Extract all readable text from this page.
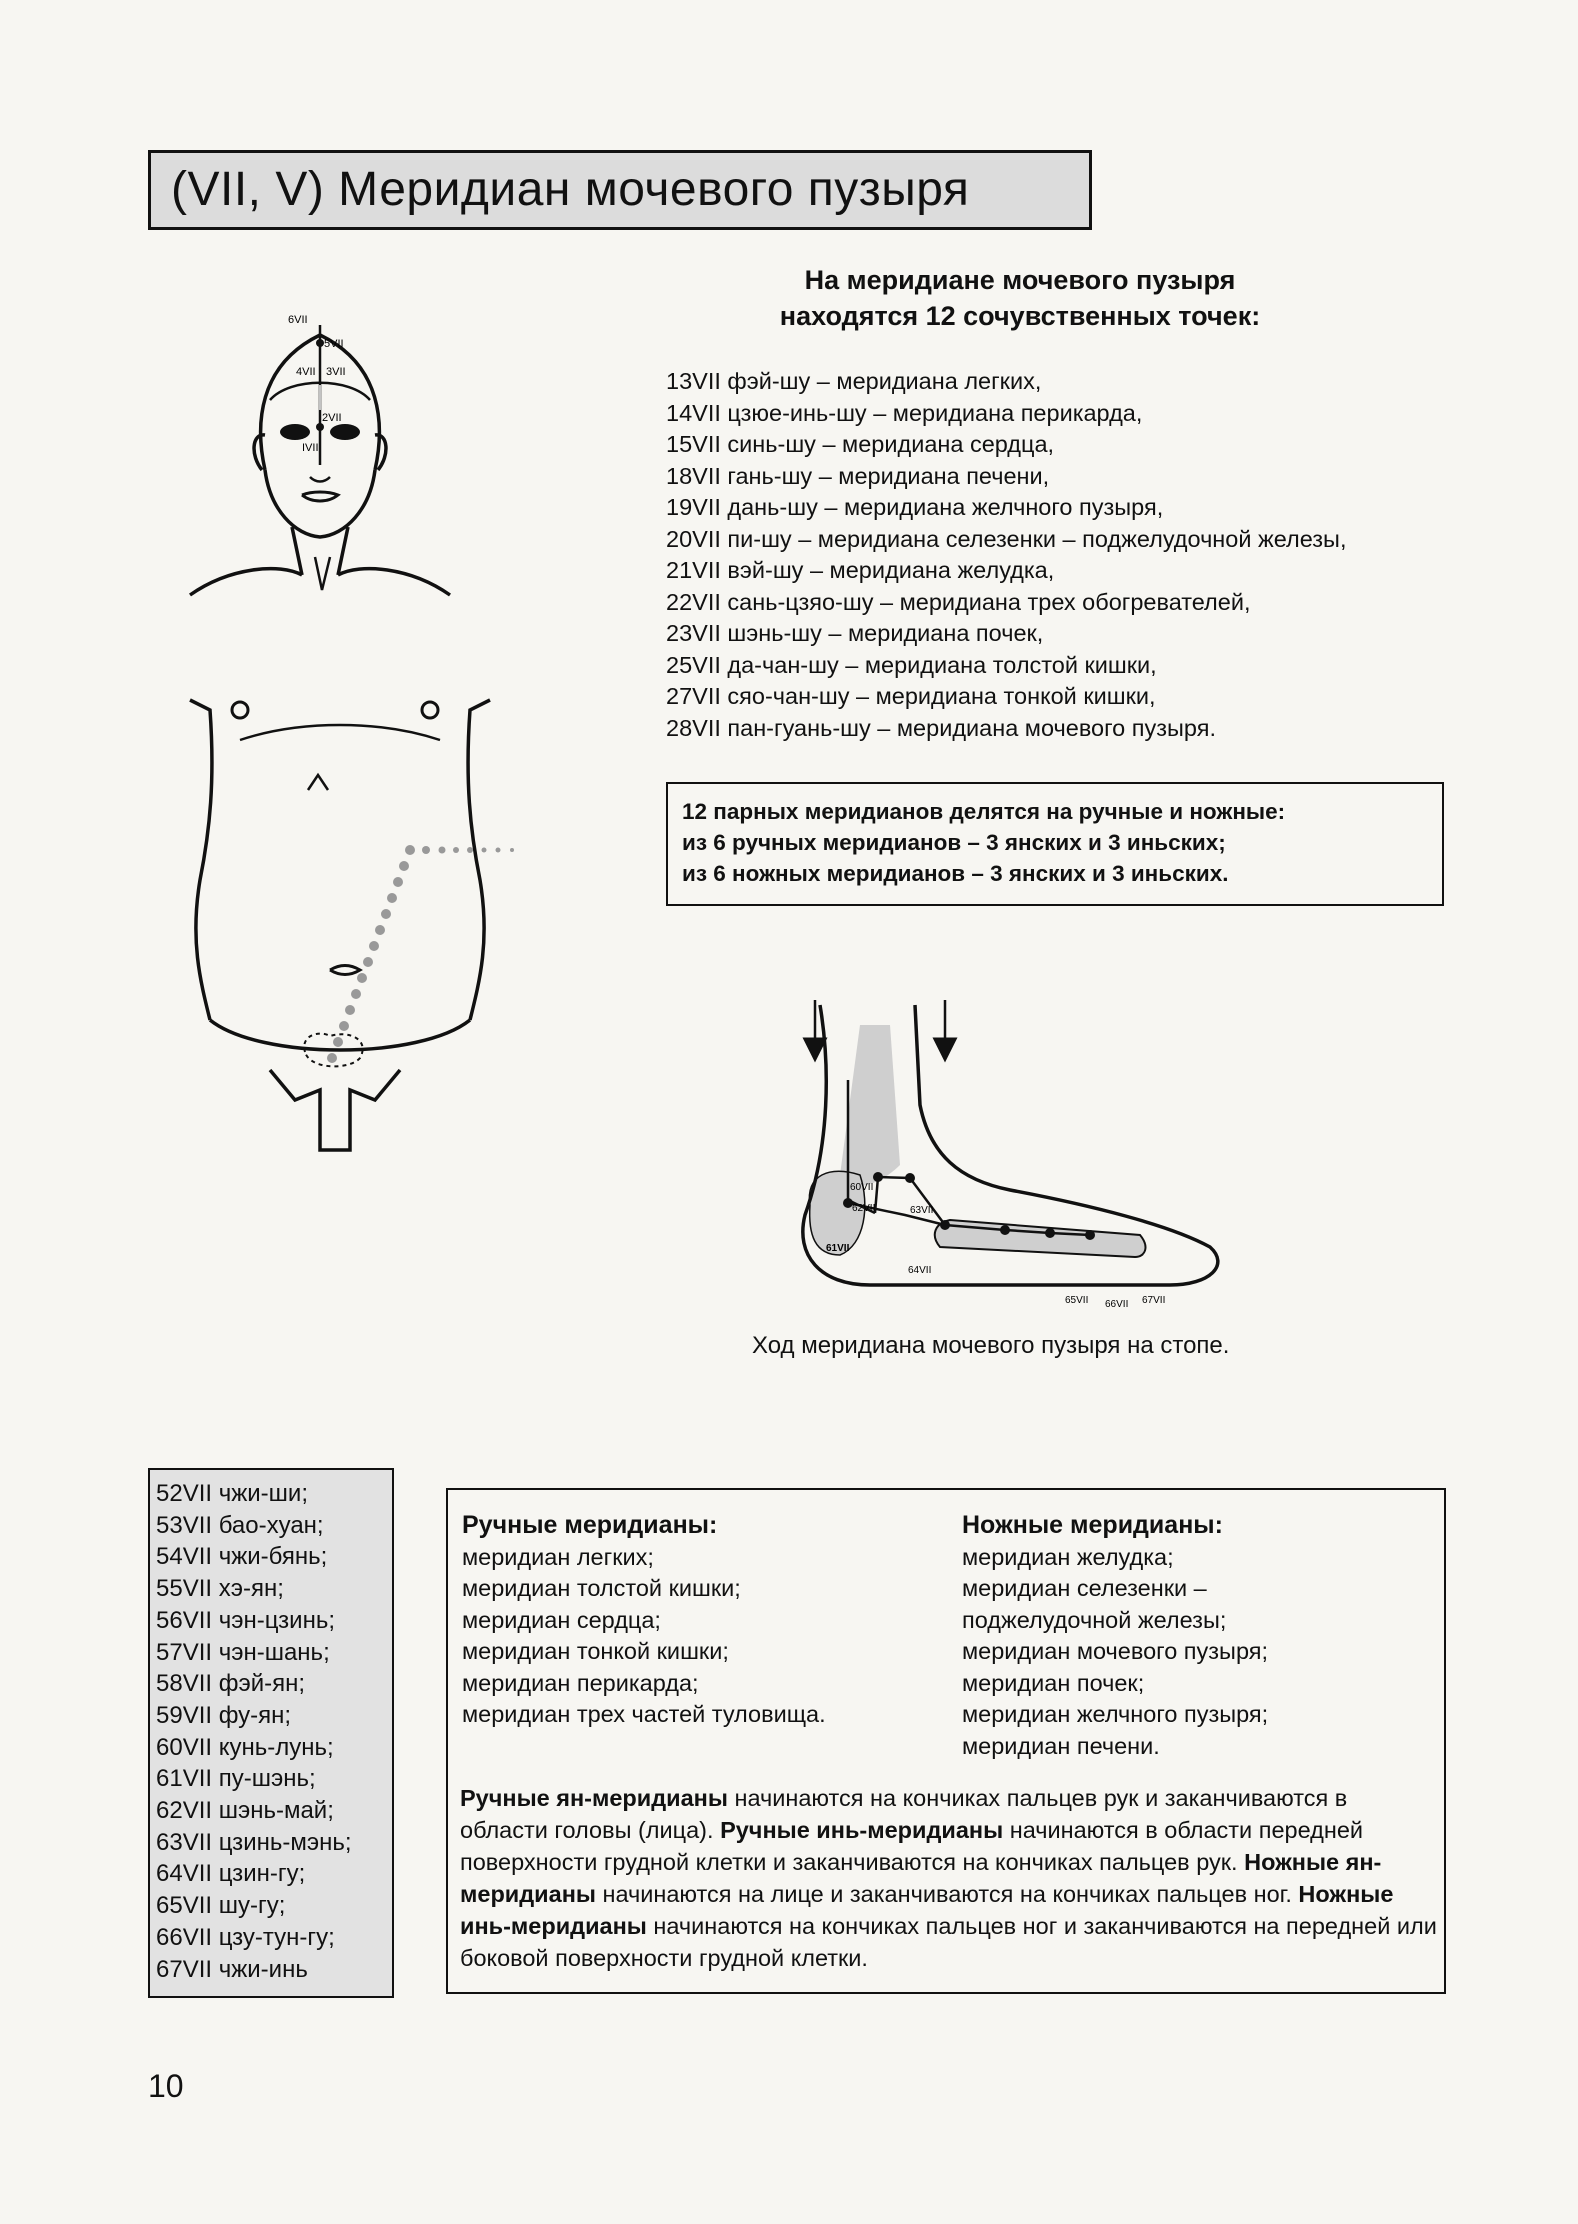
(VII, V) Меридиан мочевого пузыря
На меридиане мочевого пузыря
находятся 12 сочувственных точек:
13VII фэй-шу – меридиана легких,
14VII цзюе-инь-шу – меридиана перикарда,
15VII синь-шу – меридиана сердца,
18VII гань-шу – меридиана печени,
19VII дань-шу – меридиана желчного пузыря,
20VII пи-шу – меридиана селезенки – поджелудочной железы,
21VII вэй-шу – меридиана желудка,
22VII сань-цзяо-шу – меридиана трех обогревателей,
23VII шэнь-шу – меридиана почек,
25VII да-чан-шу – меридиана толстой кишки,
27VII сяо-чан-шу – меридиана тонкой кишки,
28VII пан-гуань-шу – меридиана мочевого пузыря.
12 парных меридианов делятся на ручные и ножные:
из 6 ручных меридианов – 3 янских и 3 иньских;
из 6 ножных меридианов – 3 янских и 3 иньских.
6VII
5VII
4VII 3VII
2VII
IVII
60VII
62VII	63VII
61VII
64VII
65VII 66VII 67VII
Ход меридиана мочевого пузыря на стопе.
52VII чжи-ши;
53VII бао-хуан;
54VII чжи-бянь;
55VII хэ-ян;
56VII чэн-цзинь;
57VII чэн-шань;
58VII фэй-ян;
59VII фу-ян;
60VII кунь-лунь;
61VII пу-шэнь;
62VII шэнь-май;
63VII цзинь-мэнь;
64VII цзин-гу;
65VII шу-гу;
66VII цзу-тун-гу;
67VII чжи-инь
Ручные меридианы:
меридиан легких;
меридиан толстой кишки;
меридиан сердца;
меридиан тонкой кишки;
меридиан перикарда;
меридиан трех частей туловища.
Ножные меридианы:
меридиан желудка;
меридиан селезенки –
поджелудочной железы;
меридиан мочевого пузыря;
меридиан почек;
меридиан желчного пузыря;
меридиан печени.
Ручные ян-меридианы начинаются на кончиках пальцев рук и заканчиваются в области головы (лица). Ручные инь-меридианы начинаются в области передней поверхности грудной клетки и заканчиваются на кончиках пальцев рук. Ножные ян-меридианы начинаются на лице и заканчиваются на кончиках пальцев ног. Ножные инь-меридианы начинаются на кончиках пальцев ног и заканчиваются на передней или боковой поверхности грудной клетки.
10
